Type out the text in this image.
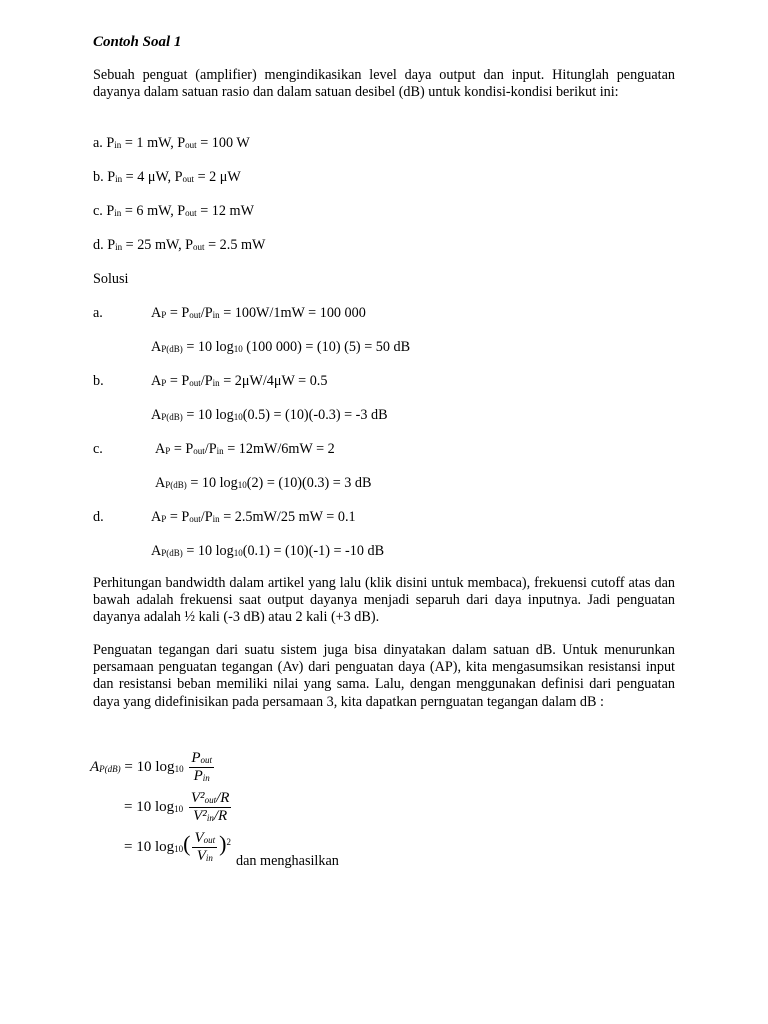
Contoh Soal 1

Sebuah penguat (amplifier) mengindikasikan level daya output dan input. Hitunglah penguatan dayanya dalam satuan rasio dan dalam satuan desibel (dB) untuk kondisi-kondisi berikut ini:

a. Pin = 1 mW, Pout = 100 W
b. Pin = 4 μW, Pout = 2 μW
c. Pin = 6 mW, Pout = 12 mW
d. Pin = 25 mW, Pout = 2.5 mW
Solusi
a.	AP = Pout/Pin = 100W/1mW = 100 000
AP(dB) = 10 log10 (100 000) = (10) (5) = 50 dB
b.	AP = Pout/Pin = 2μW/4μW = 0.5
AP(dB) = 10 log10(0.5) = (10)(-0.3) = -3 dB
c.	AP = Pout/Pin = 12mW/6mW = 2
AP(dB) = 10 log10(2) = (10)(0.3) = 3 dB
d.	AP = Pout/Pin = 2.5mW/25 mW = 0.1
AP(dB) = 10 log10(0.1) = (10)(-1) = -10 dB

Perhitungan bandwidth dalam artikel yang lalu (klik disini untuk membaca), frekuensi cutoff atas dan bawah adalah frekuensi saat output dayanya menjadi separuh dari daya inputnya. Jadi penguatan dayanya adalah ½ kali (-3 dB) atau 2 kali (+3 dB).

Penguatan tegangan dari suatu sistem juga bisa dinyatakan dalam satuan dB. Untuk menurunkan persamaan penguatan tegangan (Av) dari penguatan daya (AP), kita mengasumsikan resistansi input dan resistansi beban memiliki nilai yang sama. Lalu, dengan menggunakan definisi dari penguatan daya yang didefinisikan pada persamaan 3, kita dapatkan pernguatan tegangan dalam dB :

AP(dB) = 10 $\log 10 \frac{\text{Pout}}{\text{Pin}}$
= 10 $\log 10 \frac{\text{V²out/R}}{\text{V²in/R}}$
= 10 $\log 10( \frac{\text{Vout}}{\text{Vin}} )^2$
dan menghasilkan
